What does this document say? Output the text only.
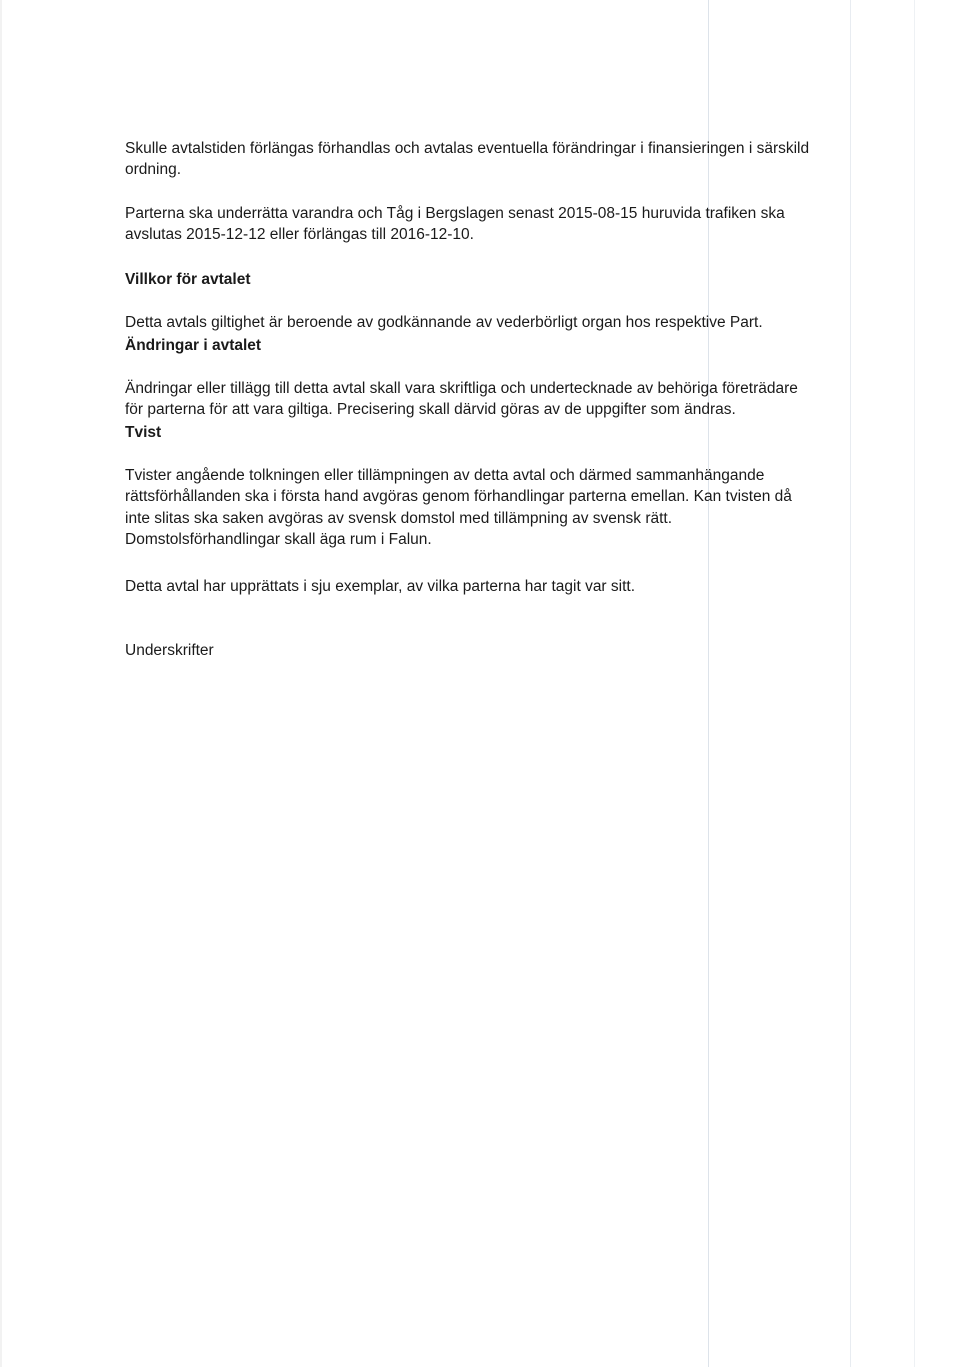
Skulle avtalstiden förlängas förhandlas och avtalas eventuella förändringar i finansieringen i särskild
ordning.

Parterna ska underrätta varandra och Tåg i Bergslagen senast 2015-08-15 huruvida trafiken ska
avslutas 2015-12-12 eller förlängas till 2016-12-10.

Villkor för avtalet

Detta avtals giltighet är beroende av godkännande av vederbörligt organ hos respektive Part.

Ändringar i avtalet

Ändringar eller tillägg till detta avtal skall vara skriftliga och undertecknade av behöriga företrädare
för parterna för att vara giltiga. Precisering skall därvid göras av de uppgifter som ändras.

Tvist

Tvister angående tolkningen eller tillämpningen av detta avtal och därmed sammanhängande
rättsförhållanden ska i första hand avgöras genom förhandlingar parterna emellan. Kan tvisten då
inte slitas ska saken avgöras av svensk domstol med tillämpning av svensk rätt.
Domstolsförhandlingar skall äga rum i Falun.

Detta avtal har upprättats i sju exemplar, av vilka parterna har tagit var sitt.

Underskrifter
